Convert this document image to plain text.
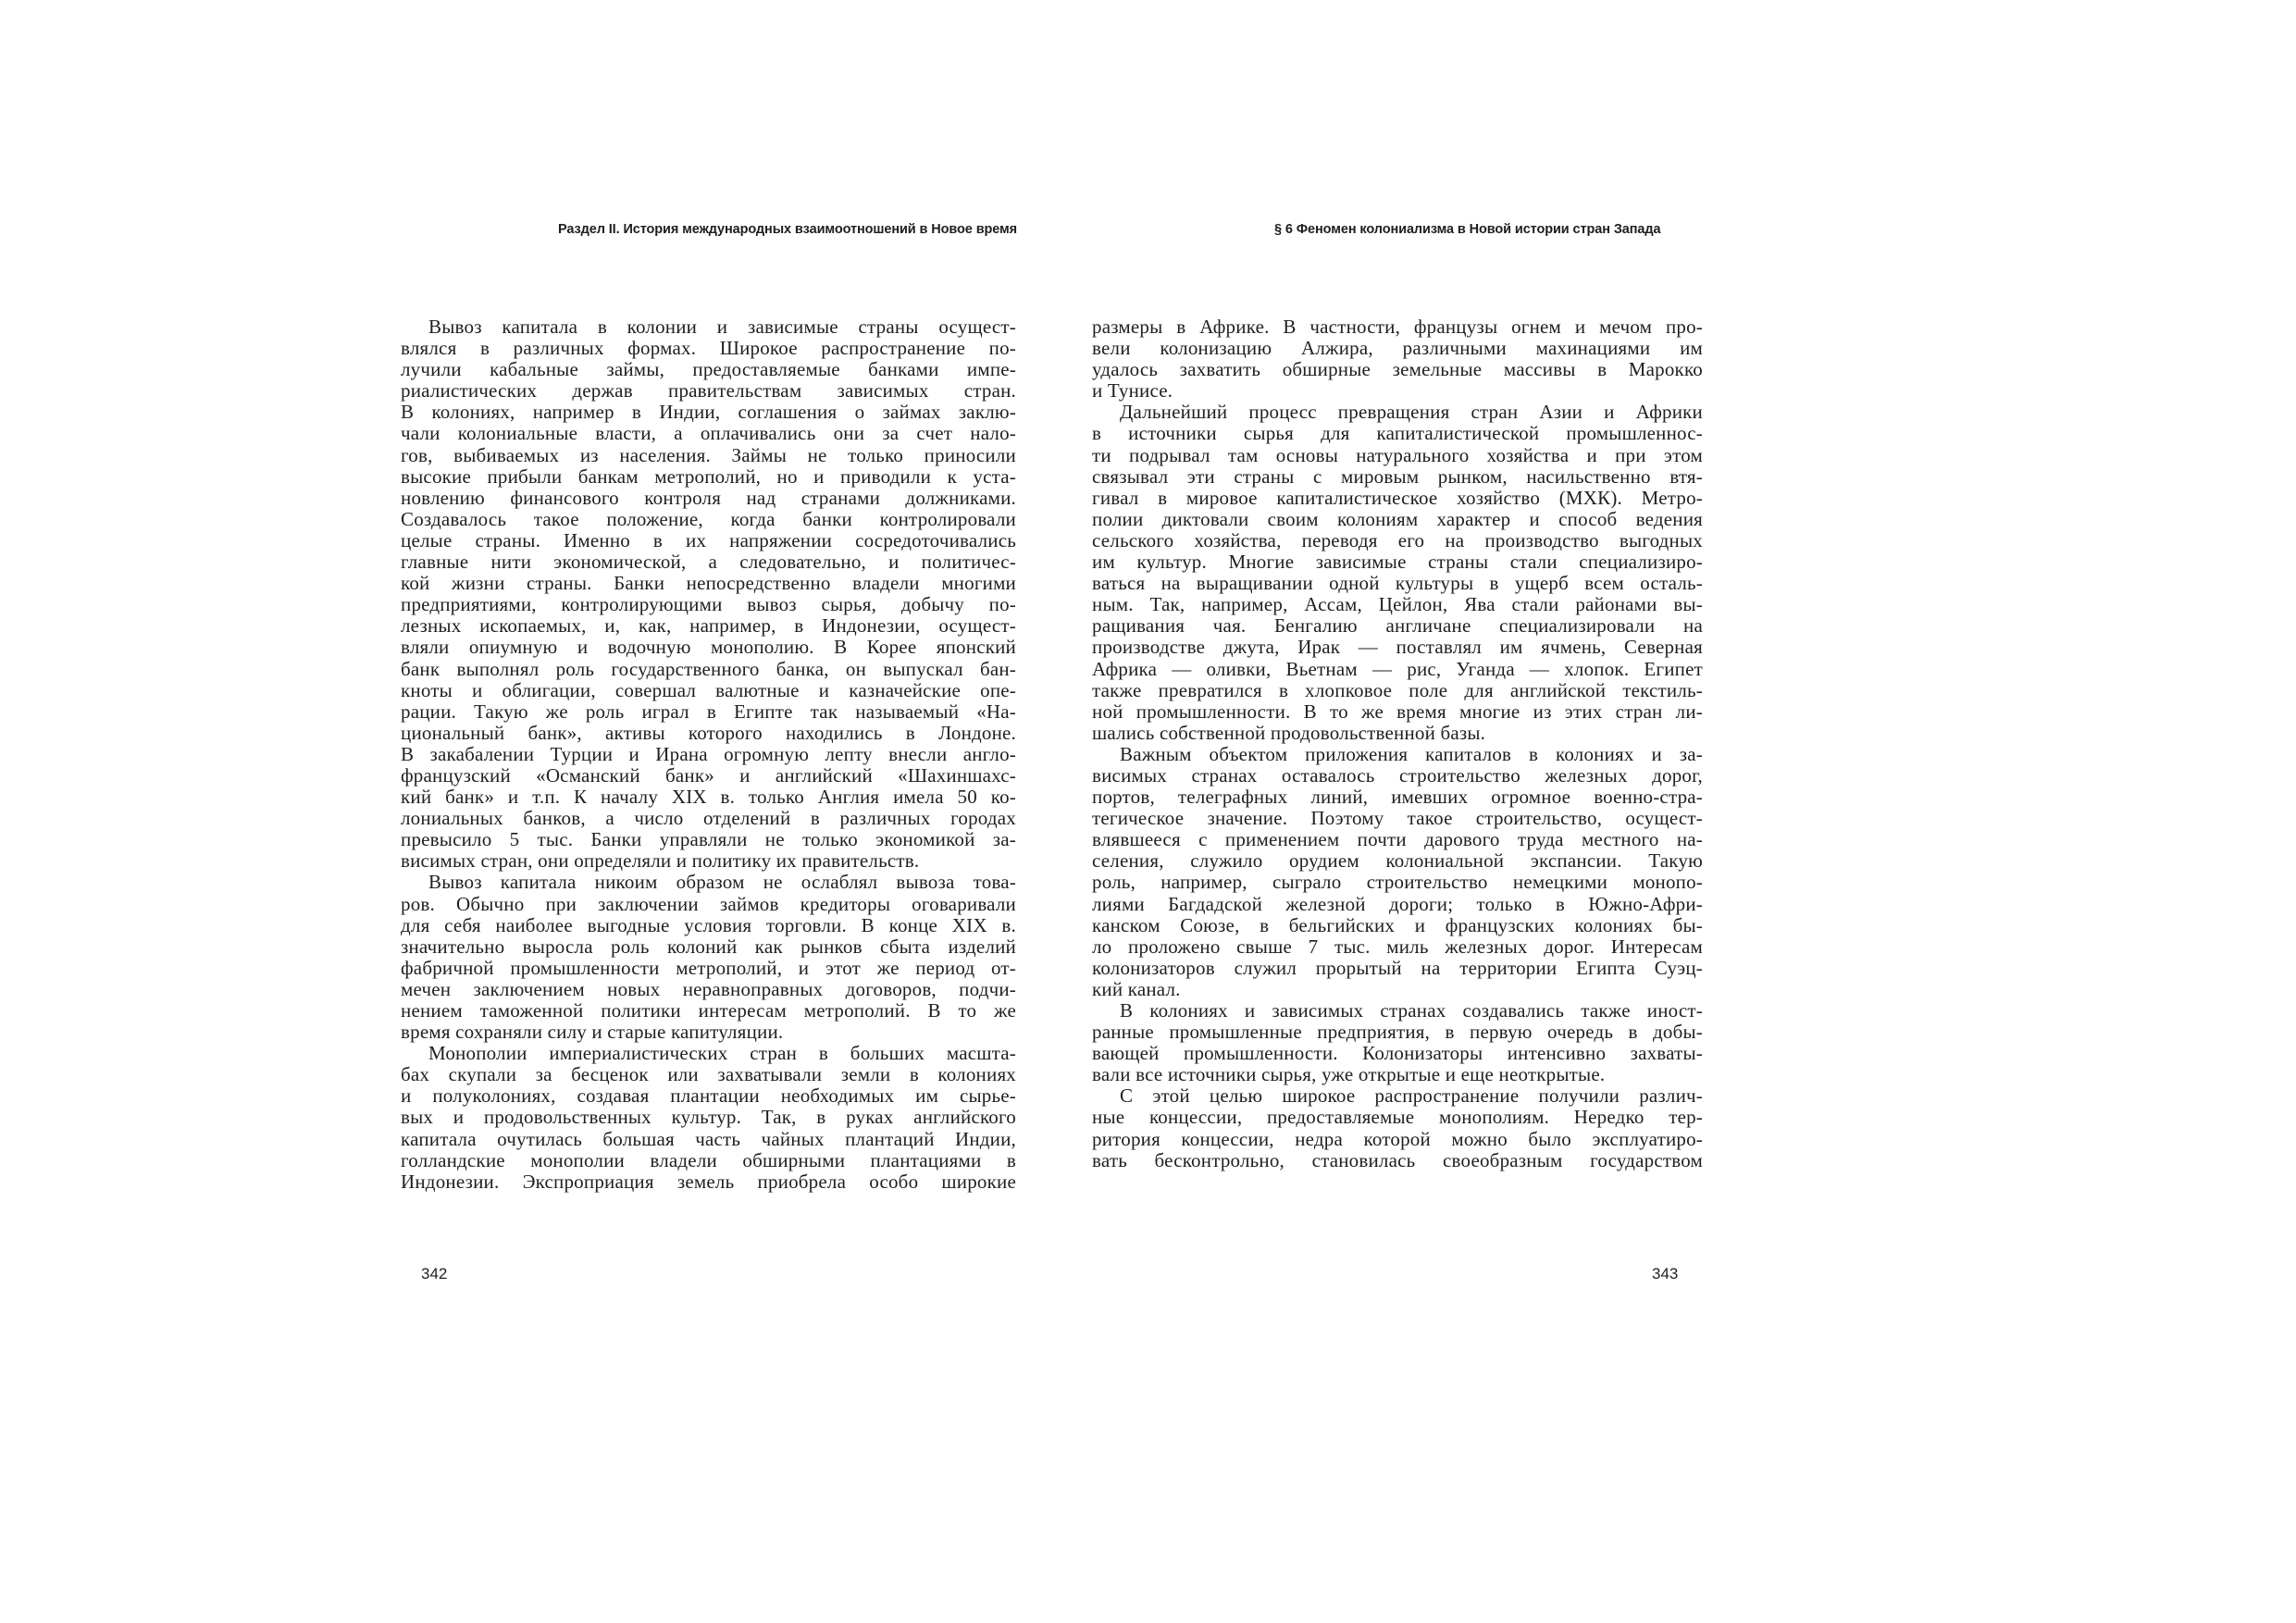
Раздел II. История международных взаимоотношений в Новое время	§ 6 Феномен колониализма в Новой истории стран Запада
Вывоз капитала в колонии и зависимые страны осущест-
влялся в различных формах. Широкое распространение по-
лучили кабальные займы, предоставляемые банками импе-
риалистических держав правительствам зависимых стран.
В колониях, например в Индии, соглашения о займах заклю-
чали колониальные власти, а оплачивались они за счет нало-
гов, выбиваемых из населения. Займы не только приносили
высокие прибыли банкам метрополий, но и приводили к уста-
новлению финансового контроля над странами должниками.
Создавалось такое положение, когда банки контролировали
целые страны. Именно в их напряжении сосредоточивались
главные нити экономической, а следовательно, и политичес-
кой жизни страны. Банки непосредственно владели многими
предприятиями, контролирующими вывоз сырья, добычу по-
лезных ископаемых, и, как, например, в Индонезии, осущест-
вляли опиумную и водочную монополию. В Корее японский
банк выполнял роль государственного банка, он выпускал бан-
кноты и облигации, совершал валютные и казначейские опе-
рации. Такую же роль играл в Египте так называемый «На-
циональный банк», активы которого находились в Лондоне.
В закабалении Турции и Ирана огромную лепту внесли англо-
французский «Османский банк» и английский «Шахиншахс-
кий банк» и т.п. К началу XIX в. только Англия имела 50 ко-
лониальных банков, а число отделений в различных городах
превысило 5 тыс. Банки управляли не только экономикой за-
висимых стран, они определяли и политику их правительств.
Вывоз капитала никоим образом не ослаблял вывоза това-
ров. Обычно при заключении займов кредиторы оговаривали
для себя наиболее выгодные условия торговли. В конце XIX в.
значительно выросла роль колоний как рынков сбыта изделий
фабричной промышленности метрополий, и этот же период от-
мечен заключением новых неравноправных договоров, подчи-
нением таможенной политики интересам метрополий. В то же
время сохраняли силу и старые капитуляции.
Монополии империалистических стран в больших масшта-
бах скупали за бесценок или захватывали земли в колониях
и полуколониях, создавая плантации необходимых им сырье-
вых и продовольственных культур. Так, в руках английского
капитала очутилась большая часть чайных плантаций Индии,
голландские монополии владели обширными плантациями в
Индонезии. Экспроприация земель приобрела особо широкие
размеры в Африке. В частности, французы огнем и мечом про-
вели колонизацию Алжира, различными махинациями им
удалось захватить обширные земельные массивы в Марокко
и Тунисе.
Дальнейший процесс превращения стран Азии и Африки
в источники сырья для капиталистической промышленнос-
ти подрывал там основы натурального хозяйства и при этом
связывал эти страны с мировым рынком, насильственно втя-
гивал в мировое капиталистическое хозяйство (МХК). Метро-
полии диктовали своим колониям характер и способ ведения
сельского хозяйства, переводя его на производство выгодных
им культур. Многие зависимые страны стали специализиро-
ваться на выращивании одной культуры в ущерб всем осталь-
ным. Так, например, Ассам, Цейлон, Ява стали районами вы-
ращивания чая. Бенгалию англичане специализировали на
производстве джута, Ирак — поставлял им ячмень, Северная
Африка — оливки, Вьетнам — рис, Уганда — хлопок. Египет
также превратился в хлопковое поле для английской текстиль-
ной промышленности. В то же время многие из этих стран ли-
шались собственной продовольственной базы.
Важным объектом приложения капиталов в колониях и за-
висимых странах оставалось строительство железных дорог,
портов, телеграфных линий, имевших огромное военно-стра-
тегическое значение. Поэтому такое строительство, осущест-
влявшееся с применением почти дарового труда местного на-
селения, служило орудием колониальной экспансии. Такую
роль, например, сыграло строительство немецкими монопо-
лиями Багдадской железной дороги; только в Южно-Афри-
канском Союзе, в бельгийских и французских колониях бы-
ло проложено свыше 7 тыс. миль железных дорог. Интересам
колонизаторов служил прорытый на территории Египта Суэц-
кий канал.
В колониях и зависимых странах создавались также иност-
ранные промышленные предприятия, в первую очередь в добы-
вающей промышленности. Колонизаторы интенсивно захваты-
вали все источники сырья, уже открытые и еще неоткрытые.
С этой целью широкое распространение получили различ-
ные концессии, предоставляемые монополиям. Нередко тер-
ритория концессии, недра которой можно было эксплуатиро-
вать бесконтрольно, становилась своеобразным государством
342	343
